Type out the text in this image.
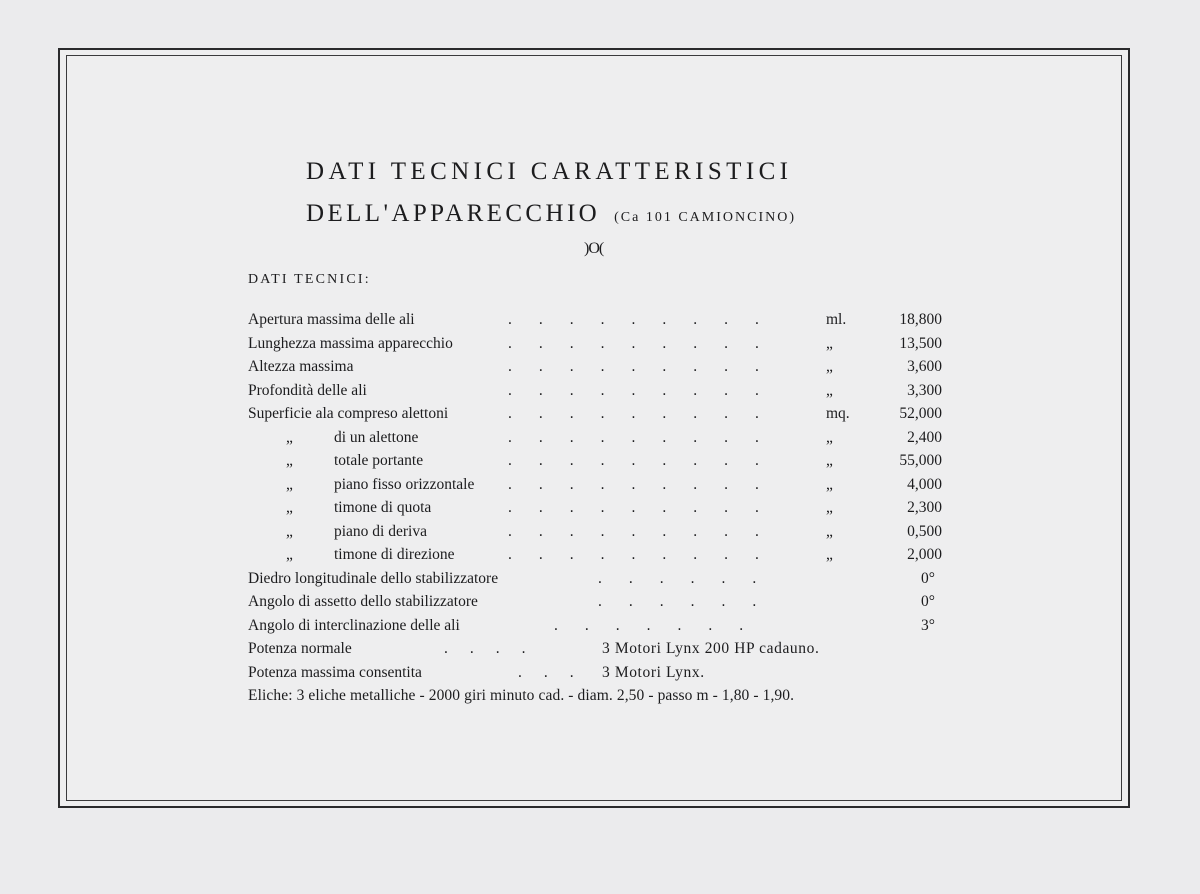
DATI TECNICI CARATTERISTICI
DELL'APPARECCHIO (Ca 101 CAMIONCINO)
)O(
DATI TECNICI:
Apertura massima delle ali	.........	ml.	18,800
Lunghezza massima apparecchio	.........	„	13,500
Altezza massima	.........	„	3,600
Profondità delle ali	.........	„	3,300
Superficie ala compreso alettoni	.........	mq.	52,000
„	di un alettone	.........	„	2,400
„	totale portante	.........	„	55,000
„	piano fisso orizzontale .........	„	4,000
„	timone di quota	.........	„	2,300
„	piano di deriva	.........	„	0,500
„	timone di direzione	.........	„	2,000
Diedro longitudinale dello stabilizzatore	......	0°
Angolo di assetto dello stabilizzatore	......	0°
Angolo di interclinazione delle ali	.......	3°
Potenza normale	....	3 Motori Lynx 200 HP cadauno.
Potenza massima consentita	... 3 Motori Lynx.
Eliche: 3 eliche metalliche - 2000 giri minuto cad. - diam. 2,50 - passo m - 1,80 - 1,90.
